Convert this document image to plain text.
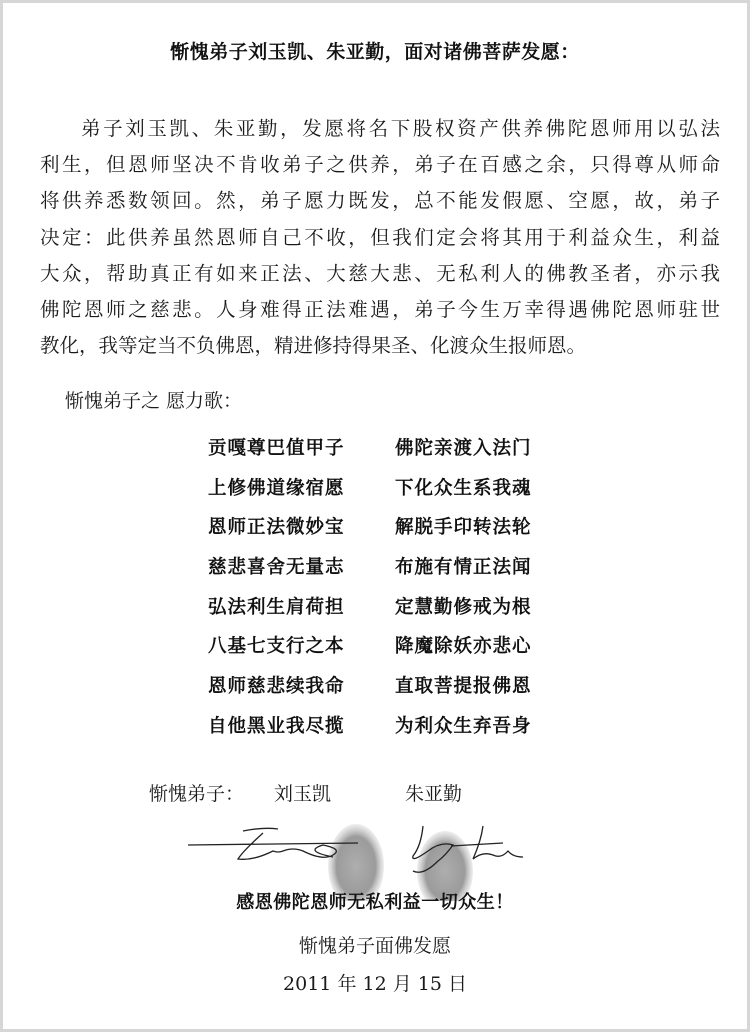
惭愧弟子刘玉凯、朱亚勤，面对诸佛菩萨发愿：
弟子刘玉凯、朱亚勤，发愿将名下股权资产供养佛陀恩师用以弘法
利生，但恩师坚决不肯收弟子之供养，弟子在百感之余，只得尊从师命
将供养悉数领回。然，弟子愿力既发，总不能发假愿、空愿，故，弟子
决定：此供养虽然恩师自己不收，但我们定会将其用于利益众生，利益
大众，帮助真正有如来正法、大慈大悲、无私利人的佛教圣者，亦示我
佛陀恩师之慈悲。人身难得正法难遇，弟子今生万幸得遇佛陀恩师驻世
教化，我等定当不负佛恩，精进修持得果圣、化渡众生报师恩。
惭愧弟子之 愿力歌：
贡嘎尊巴值甲子	佛陀亲渡入法门
上修佛道缘宿愿	下化众生系我魂
恩师正法微妙宝	解脱手印转法轮
慈悲喜舍无量志	布施有情正法闻
弘法利生肩荷担	定慧勤修戒为根
八基七支行之本	降魔除妖亦悲心
恩师慈悲续我命	直取菩提报佛恩
自他黑业我尽揽	为利众生弃吾身
惭愧弟子：	刘玉凯	朱亚勤
感恩佛陀恩师无私利益一切众生！
惭愧弟子面佛发愿
2011 年 12 月 15 日
